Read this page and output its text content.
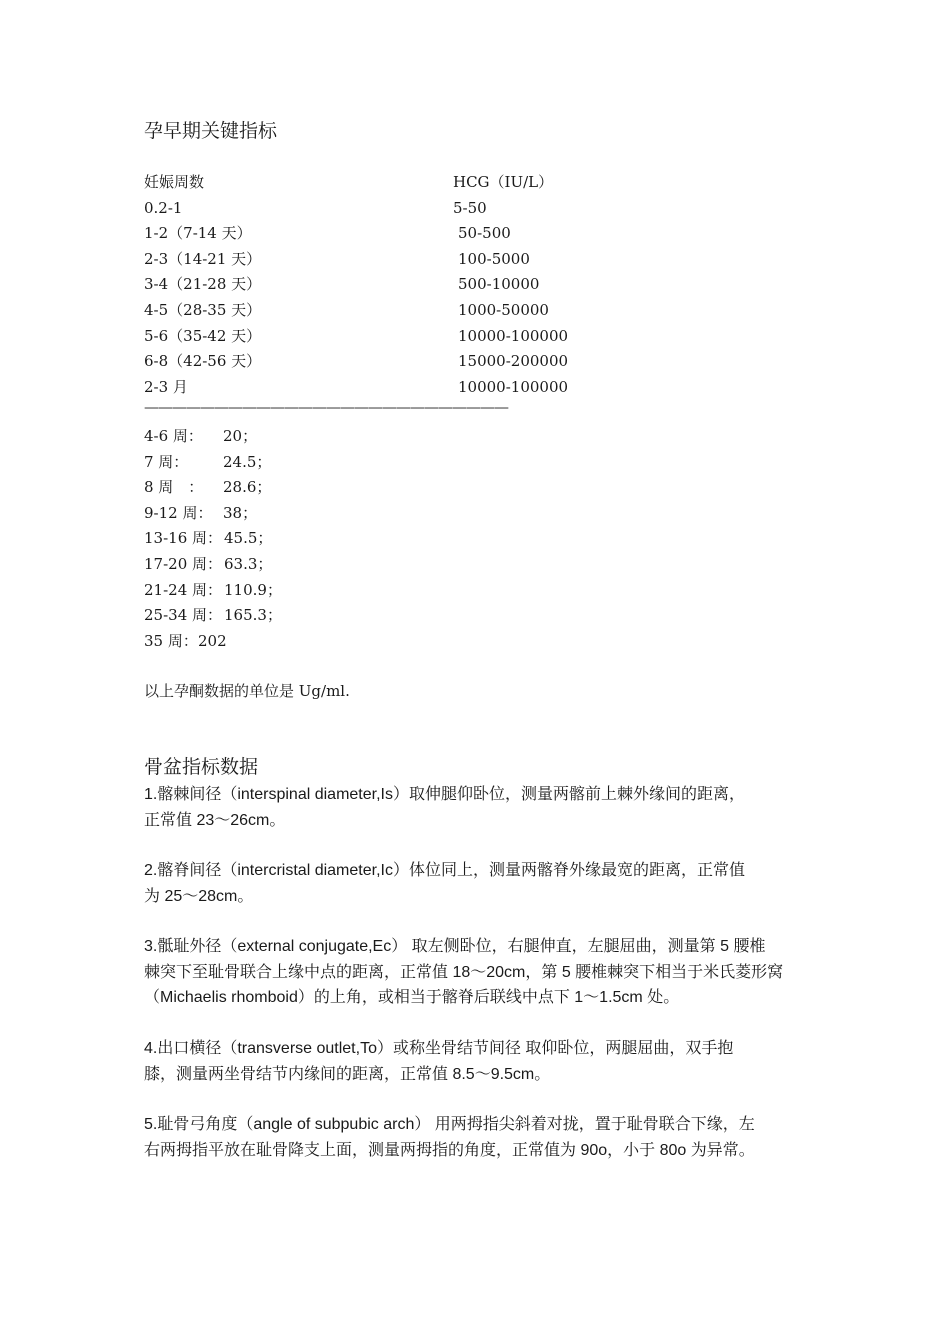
孕早期关键指标
妊娠周数	HCG（IU/L）
0.2-1	5-50
1-2（7-14 天）	50-500
2-3（14-21 天）	100-5000
3-4（21-28 天）	500-10000
4-5（28-35 天）	1000-50000
5-6（35-42 天）	10000-100000
6-8（42-56 天）	15000-200000
2-3 月	10000-100000
——————————————————————————
4-6 周： 20；
7 周： 24.5；
8 周　： 28.6；
9-12 周： 38；
13-16 周： 45.5；
17-20 周： 63.3；
21-24 周： 110.9；
25-34 周： 165.3；
35 周： 202
以上孕酮数据的单位是 Ug/ml.
骨盆指标数据

1.髂棘间径（interspinal diameter,Is）取伸腿仰卧位，测量两髂前上棘外缘间的距离，
正常值 23～26cm。

2.髂脊间径（intercristal diameter,Ic）体位同上，测量两髂脊外缘最宽的距离，正常值
为 25～28cm。

3.骶耻外径（external conjugate,Ec） 取左侧卧位，右腿伸直，左腿屈曲，测量第 5 腰椎
棘突下至耻骨联合上缘中点的距离，正常值 18～20cm，第 5 腰椎棘突下相当于米氏菱形窝
（Michaelis rhomboid）的上角，或相当于髂脊后联线中点下 1～1.5cm 处。

4.出口横径（transverse outlet,To）或称坐骨结节间径 取仰卧位，两腿屈曲，双手抱
膝，测量两坐骨结节内缘间的距离，正常值 8.5～9.5cm。

5.耻骨弓角度（angle of subpubic arch） 用两拇指尖斜着对拢，置于耻骨联合下缘，左
右两拇指平放在耻骨降支上面，测量两拇指的角度，正常值为 90o，小于 80o 为异常。
